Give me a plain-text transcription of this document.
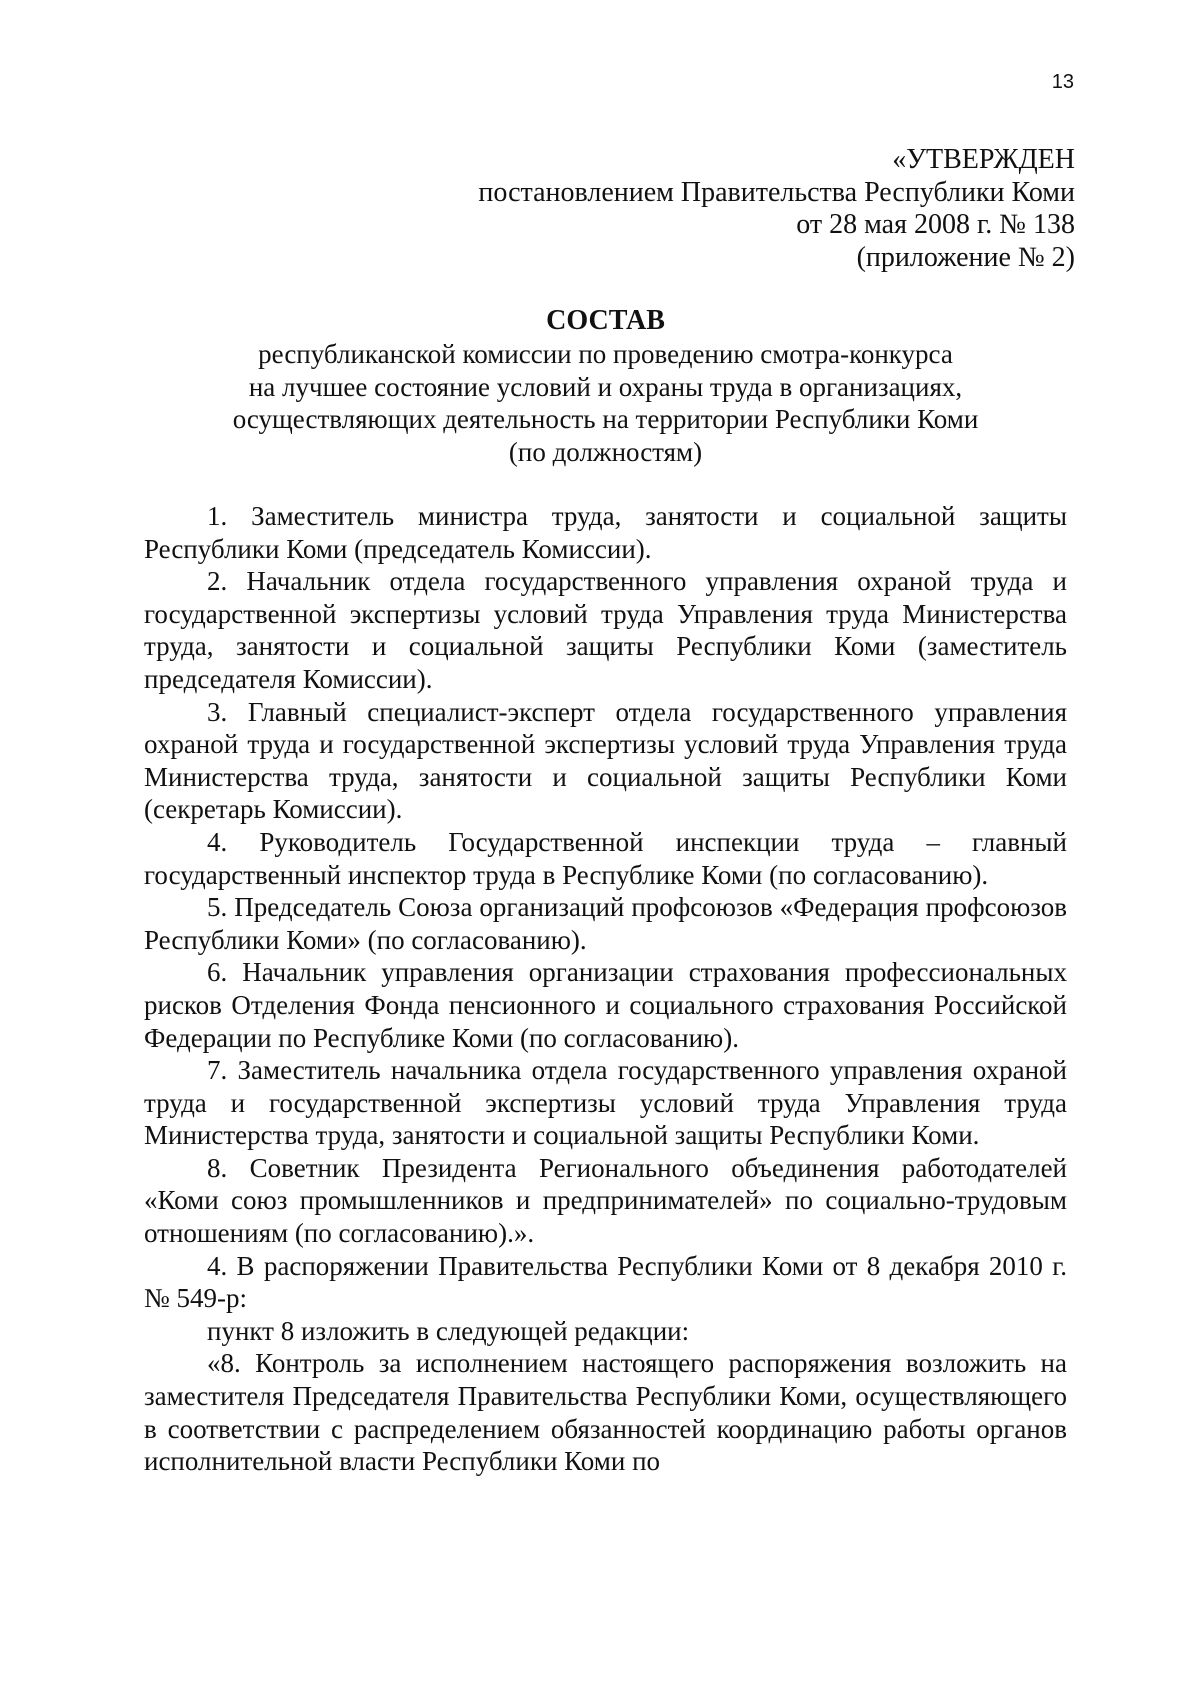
13
«УТВЕРЖДЕН
постановлением Правительства Республики Коми
от 28 мая 2008 г. № 138
(приложение № 2)
СОСТАВ
республиканской комиссии по проведению смотра-конкурса
на лучшее состояние условий и охраны труда в организациях,
осуществляющих деятельность на территории Республики Коми
(по должностям)

1. Заместитель министра труда, занятости и социальной защиты Республики Коми (председатель Комиссии).

2. Начальник отдела государственного управления охраной труда и государственной экспертизы условий труда Управления труда Министерства труда, занятости и социальной защиты Республики Коми (заместитель председателя Комиссии).

3. Главный специалист-эксперт отдела государственного управления охраной труда и государственной экспертизы условий труда Управления труда Министерства труда, занятости и социальной защиты Республики Коми (секретарь Комиссии).

4. Руководитель Государственной инспекции труда – главный государственный инспектор труда в Республике Коми (по согласованию).

5. Председатель Союза организаций профсоюзов «Федерация профсоюзов Республики Коми» (по согласованию).

6. Начальник управления организации страхования профессиональных рисков Отделения Фонда пенсионного и социального страхования Российской Федерации по Республике Коми (по согласованию).

7. Заместитель начальника отдела государственного управления охраной труда и государственной экспертизы условий труда Управления труда Министерства труда, занятости и социальной защиты Республики Коми.

8. Советник Президента Регионального объединения работодателей «Коми союз промышленников и предпринимателей» по социально-трудовым отношениям (по согласованию).».

4. В распоряжении Правительства Республики Коми от 8 декабря 2010 г. № 549-р:

пункт 8 изложить в следующей редакции:

«8. Контроль за исполнением настоящего распоряжения возложить на заместителя Председателя Правительства Республики Коми, осуществляющего в соответствии с распределением обязанностей координацию работы органов исполнительной власти Республики Коми по
